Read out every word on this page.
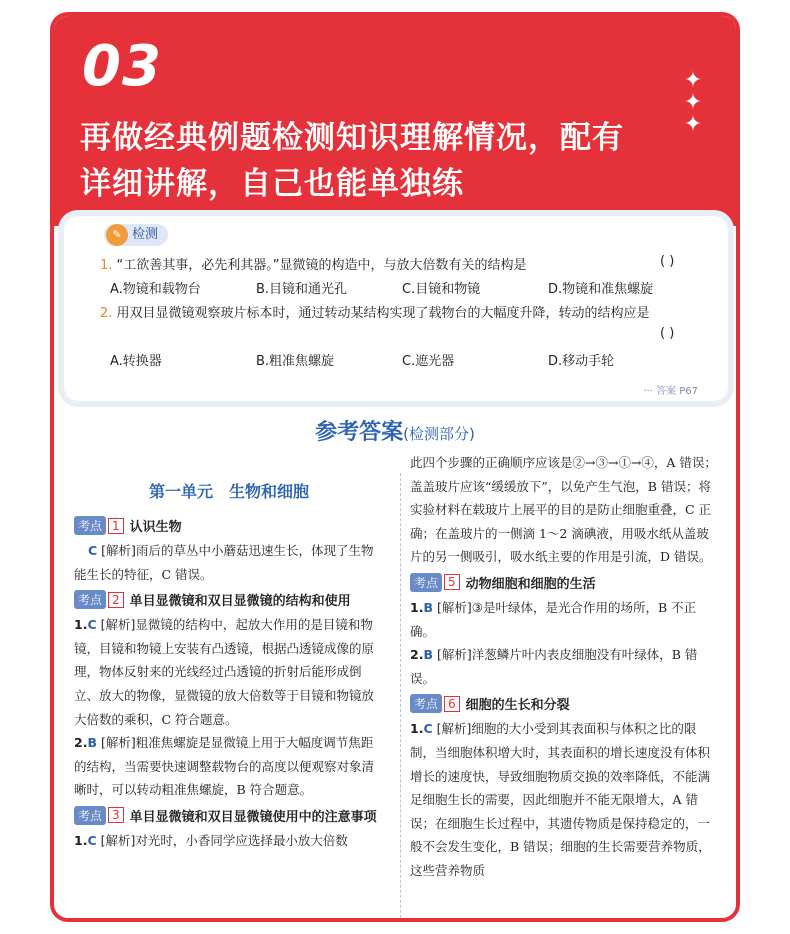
03
再做经典例题检测知识理解情况，配有
详细讲解，自己也能单独练
✦
✦
✦
✎ 检测
1. “工欲善其事，必先利其器。”显微镜的构造中，与放大倍数有关的结构是	( )
A.物镜和载物台	B.目镜和通光孔	C.目镜和物镜	D.物镜和准焦螺旋
2. 用双目显微镜观察玻片标本时，通过转动某结构实现了载物台的大幅度升降，转动的结构应是
( )
A.转换器	B.粗准焦螺旋	C.遮光器	D.移动手轮
··· 答案 P67
参考答案(检测部分)
第一单元　生物和细胞
考点 1 认识生物
C [解析]雨后的草丛中小蘑菇迅速生长，体现了生物能生长的特征，C 错误。
考点 2 单目显微镜和双目显微镜的结构和使用
1.C [解析]显微镜的结构中，起放大作用的是目镜和物镜，目镜和物镜上安装有凸透镜，根据凸透镜成像的原理，物体反射来的光线经过凸透镜的折射后能形成倒立、放大的物像，显微镜的放大倍数等于目镜和物镜放大倍数的乘积，C 符合题意。
2.B [解析]粗准焦螺旋是显微镜上用于大幅度调节焦距的结构，当需要快速调整载物台的高度以便观察对象清晰时，可以转动粗准焦螺旋，B 符合题意。
考点 3 单目显微镜和双目显微镜使用中的注意事项
1.C [解析]对光时，小香同学应选择最小放大倍数
此四个步骤的正确顺序应该是②→③→①→④，A 错误；盖盖玻片应该“缓缓放下”，以免产生气泡，B 错误；将实验材料在载玻片上展平的目的是防止细胞重叠，C 正确；在盖玻片的一侧滴 1～2 滴碘液，用吸水纸从盖玻片的另一侧吸引，吸水纸主要的作用是引流，D 错误。
考点 5 动物细胞和细胞的生活
1.B [解析]③是叶绿体，是光合作用的场所，B 不正确。
2.B [解析]洋葱鳞片叶内表皮细胞没有叶绿体，B 错误。
考点 6 细胞的生长和分裂
1.C [解析]细胞的大小受到其表面积与体积之比的限制，当细胞体积增大时，其表面积的增长速度没有体积增长的速度快，导致细胞物质交换的效率降低，不能满足细胞生长的需要，因此细胞并不能无限增大，A 错误；在细胞生长过程中，其遗传物质是保持稳定的，一般不会发生变化，B 错误；细胞的生长需要营养物质，这些营养物质
